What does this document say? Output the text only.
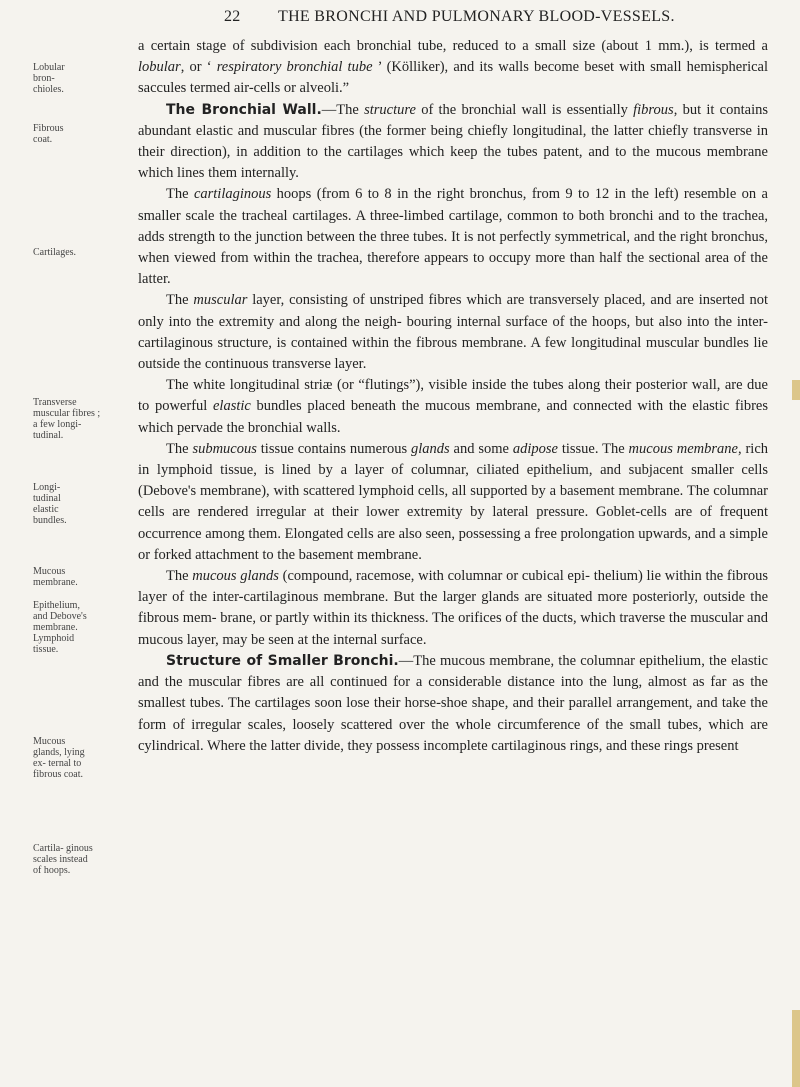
22 THE BRONCHI AND PULMONARY BLOOD-VESSELS.
Lobular bron- chioles.
Fibrous coat.
Cartilages.
Transverse muscular fibres ; a few longi- tudinal.
Longi- tudinal elastic bundles.
Mucous membrane.
Epithelium, and Debove's membrane. Lymphoid tissue.
Mucous glands, lying ex- ternal to fibrous coat.
Cartila- ginous scales instead of hoops.

a certain stage of subdivision each bronchial tube, reduced to a small size (about 1 mm.), is termed a lobular, or ‘ respiratory bronchial tube ’ (Kölliker), and its walls become beset with small hemispherical saccules termed air-cells or alveoli.”

The Bronchial Wall.—The structure of the bronchial wall is essentially fibrous, but it contains abundant elastic and muscular fibres (the former being chiefly longitudinal, the latter chiefly transverse in their direction), in addition to the cartilages which keep the tubes patent, and to the mucous membrane which lines them internally.

The cartilaginous hoops (from 6 to 8 in the right bronchus, from 9 to 12 in the left) resemble on a smaller scale the tracheal cartilages. A three-limbed cartilage, common to both bronchi and to the trachea, adds strength to the junction between the three tubes. It is not perfectly symmetrical, and the right bronchus, when viewed from within the trachea, therefore appears to occupy more than half the sectional area of the latter.

The muscular layer, consisting of unstriped fibres which are transversely placed, and are inserted not only into the extremity and along the neigh- bouring internal surface of the hoops, but also into the inter-cartilaginous structure, is contained within the fibrous membrane. A few longitudinal muscular bundles lie outside the continuous transverse layer.

The white longitudinal striæ (or “flutings”), visible inside the tubes along their posterior wall, are due to powerful elastic bundles placed beneath the mucous membrane, and connected with the elastic fibres which pervade the bronchial walls.

The submucous tissue contains numerous glands and some adipose tissue. The mucous membrane, rich in lymphoid tissue, is lined by a layer of columnar, ciliated epithelium, and subjacent smaller cells (Debove's membrane), with scattered lymphoid cells, all supported by a basement membrane. The columnar cells are rendered irregular at their lower extremity by lateral pressure. Goblet-cells are of frequent occurrence among them. Elongated cells are also seen, possessing a free prolongation upwards, and a simple or forked attachment to the basement membrane.

The mucous glands (compound, racemose, with columnar or cubical epi- thelium) lie within the fibrous layer of the inter-cartilaginous membrane. But the larger glands are situated more posteriorly, outside the fibrous mem- brane, or partly within its thickness. The orifices of the ducts, which traverse the muscular and mucous layer, may be seen at the internal surface.

Structure of Smaller Bronchi.—The mucous membrane, the columnar epithelium, the elastic and the muscular fibres are all continued for a considerable distance into the lung, almost as far as the smallest tubes. The cartilages soon lose their horse-shoe shape, and their parallel arrangement, and take the form of irregular scales, loosely scattered over the whole circumference of the small tubes, which are cylindrical. Where the latter divide, they possess incomplete cartilaginous rings, and these rings present
